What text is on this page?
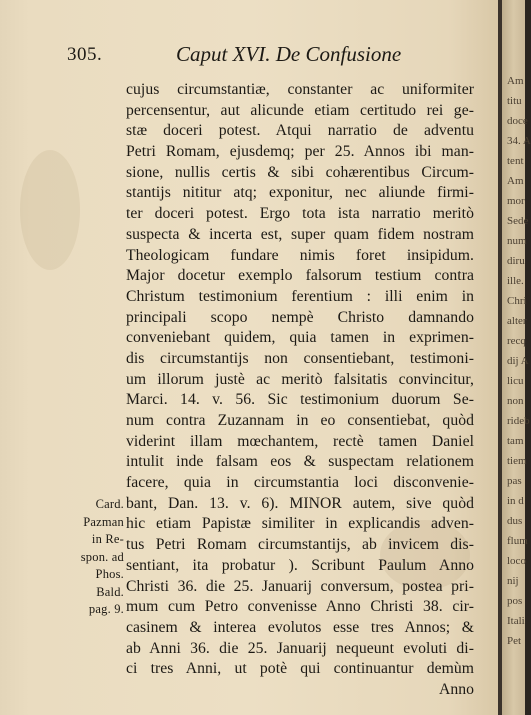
305.	Caput XVI. De Confusione
cujus circumstantiæ, constanter ac uniformiter
percensentur, aut alicunde etiam certitudo rei ge-
stæ doceri potest. Atqui narratio de adventu
Petri Romam, ejusdemq; per 25. Annos ibi man-
sione, nullis certis & sibi cohærentibus Circum-
stantijs nititur atq; exponitur, nec aliunde firmi-
ter doceri potest. Ergo tota ista narratio meritò
suspecta & incerta est, super quam fidem nostram
Theologicam fundare nimis foret insipidum.
Major docetur exemplo falsorum testium contra
Christum testimonium ferentium : illi enim in
principali scopo nempè Christo damnando
conveniebant quidem, quia tamen in exprimen-
dis circumstantijs non consentiebant, testimoni-
um illorum justè ac meritò falsitatis convincitur,
Marci. 14. v. 56. Sic testimonium duorum Se-
num contra Zuzannam in eo consentiebat, quòd
viderint illam mœchantem, rectè tamen Daniel
intulit inde falsam eos & suspectam relationem
facere, quia in circumstantia loci disconvenie-
bant, Dan. 13. v. 6). MINOR autem, sive quòd
hic etiam Papistæ similiter in explicandis adven-
tus Petri Romam circumstantijs, ab invicem dis-
sentiant, ita probatur ). Scribunt Paulum Anno
Christi 36. die 25. Januarij conversum, postea pri-
mum cum Petro convenisse Anno Christi 38. cir-
casinem & interea evolutos esse tres Annos; &
ab Anni 36. die 25. Januarij nequeunt evoluti di-
ci tres Anni, ut potè qui continuantur demùm
Anno
Card.
Pazman
in Re-
spon. ad
Phos.
Bald.
pag. 9.
Am
titu
doce
34. A
tent
Am
mor
Sede
num
diru
ille.
Chri
alter
recq
dij A
licu
non
rideb
tam
tiem
pas
in d
dus
flum
loco
nij
pos
Itali
Pet
